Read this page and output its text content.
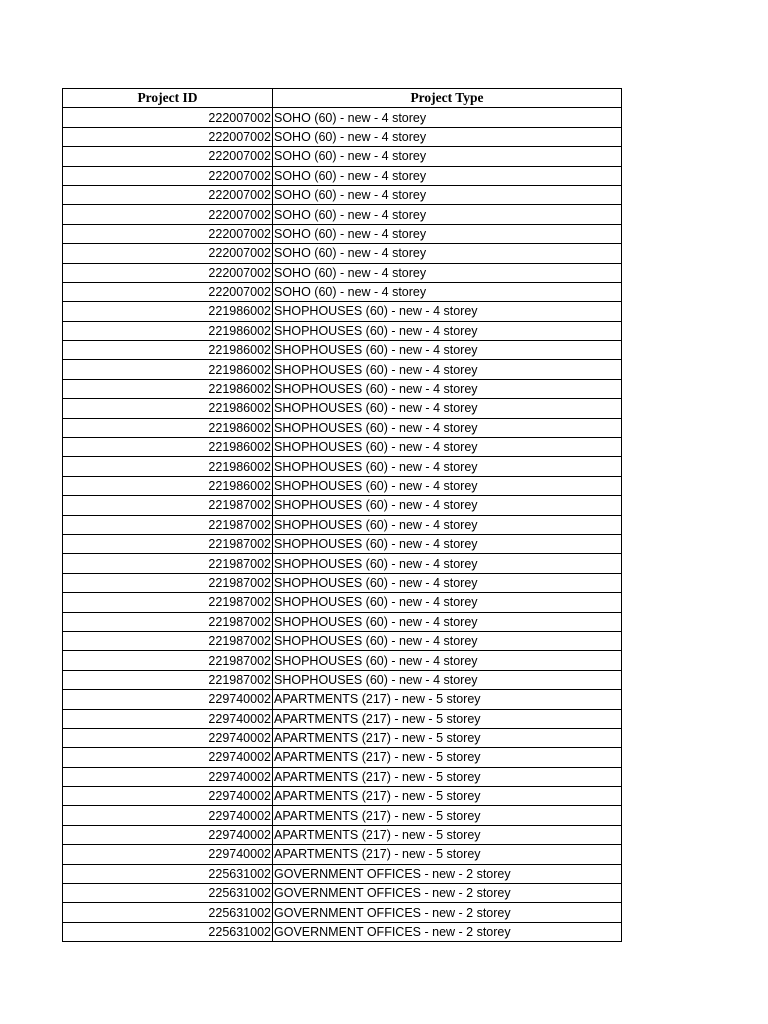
Project ID	Project Type
222007002	SOHO (60) - new - 4 storey
222007002	SOHO (60) - new - 4 storey
222007002	SOHO (60) - new - 4 storey
222007002	SOHO (60) - new - 4 storey
222007002	SOHO (60) - new - 4 storey
222007002	SOHO (60) - new - 4 storey
222007002	SOHO (60) - new - 4 storey
222007002	SOHO (60) - new - 4 storey
222007002	SOHO (60) - new - 4 storey
222007002	SOHO (60) - new - 4 storey
221986002	SHOPHOUSES (60) - new - 4 storey
221986002	SHOPHOUSES (60) - new - 4 storey
221986002	SHOPHOUSES (60) - new - 4 storey
221986002	SHOPHOUSES (60) - new - 4 storey
221986002	SHOPHOUSES (60) - new - 4 storey
221986002	SHOPHOUSES (60) - new - 4 storey
221986002	SHOPHOUSES (60) - new - 4 storey
221986002	SHOPHOUSES (60) - new - 4 storey
221986002	SHOPHOUSES (60) - new - 4 storey
221986002	SHOPHOUSES (60) - new - 4 storey
221987002	SHOPHOUSES (60) - new - 4 storey
221987002	SHOPHOUSES (60) - new - 4 storey
221987002	SHOPHOUSES (60) - new - 4 storey
221987002	SHOPHOUSES (60) - new - 4 storey
221987002	SHOPHOUSES (60) - new - 4 storey
221987002	SHOPHOUSES (60) - new - 4 storey
221987002	SHOPHOUSES (60) - new - 4 storey
221987002	SHOPHOUSES (60) - new - 4 storey
221987002	SHOPHOUSES (60) - new - 4 storey
221987002	SHOPHOUSES (60) - new - 4 storey
229740002	APARTMENTS (217) - new - 5 storey
229740002	APARTMENTS (217) - new - 5 storey
229740002	APARTMENTS (217) - new - 5 storey
229740002	APARTMENTS (217) - new - 5 storey
229740002	APARTMENTS (217) - new - 5 storey
229740002	APARTMENTS (217) - new - 5 storey
229740002	APARTMENTS (217) - new - 5 storey
229740002	APARTMENTS (217) - new - 5 storey
229740002	APARTMENTS (217) - new - 5 storey
225631002	GOVERNMENT OFFICES - new - 2 storey
225631002	GOVERNMENT OFFICES - new - 2 storey
225631002	GOVERNMENT OFFICES - new - 2 storey
225631002	GOVERNMENT OFFICES - new - 2 storey
